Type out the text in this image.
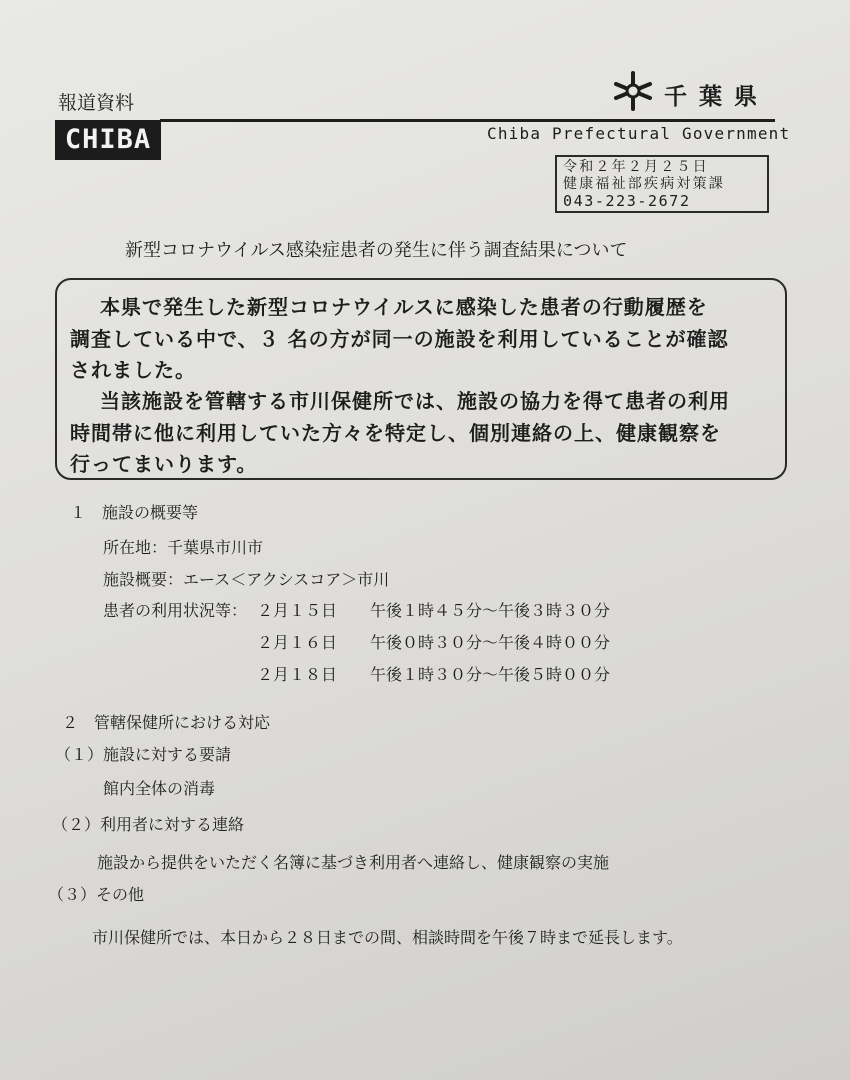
報道資料
CHIBA
千葉県
Chiba Prefectural Government
令和２年２月２５日
健康福祉部疾病対策課
043-223-2672
新型コロナウイルス感染症患者の発生に伴う調査結果について
本県で発生した新型コロナウイルスに感染した患者の行動履歴を
調査している中で、３ 名の方が同一の施設を利用していることが確認
されました。
当該施設を管轄する市川保健所では、施設の協力を得て患者の利用
時間帯に他に利用していた方々を特定し、個別連絡の上、健康観察を
行ってまいります。
１　施設の概要等
所在地：千葉県市川市
施設概要：エース＜アクシスコア＞市川
患者の利用状況等： ２月１５日 午後１時４５分～午後３時３０分
２月１６日 午後０時３０分～午後４時００分
２月１８日 午後１時３０分～午後５時００分
２　管轄保健所における対応
（１）施設に対する要請
館内全体の消毒
（２）利用者に対する連絡
施設から提供をいただく名簿に基づき利用者へ連絡し、健康観察の実施
（３）その他
市川保健所では、本日から２８日までの間、相談時間を午後７時まで延長します。
